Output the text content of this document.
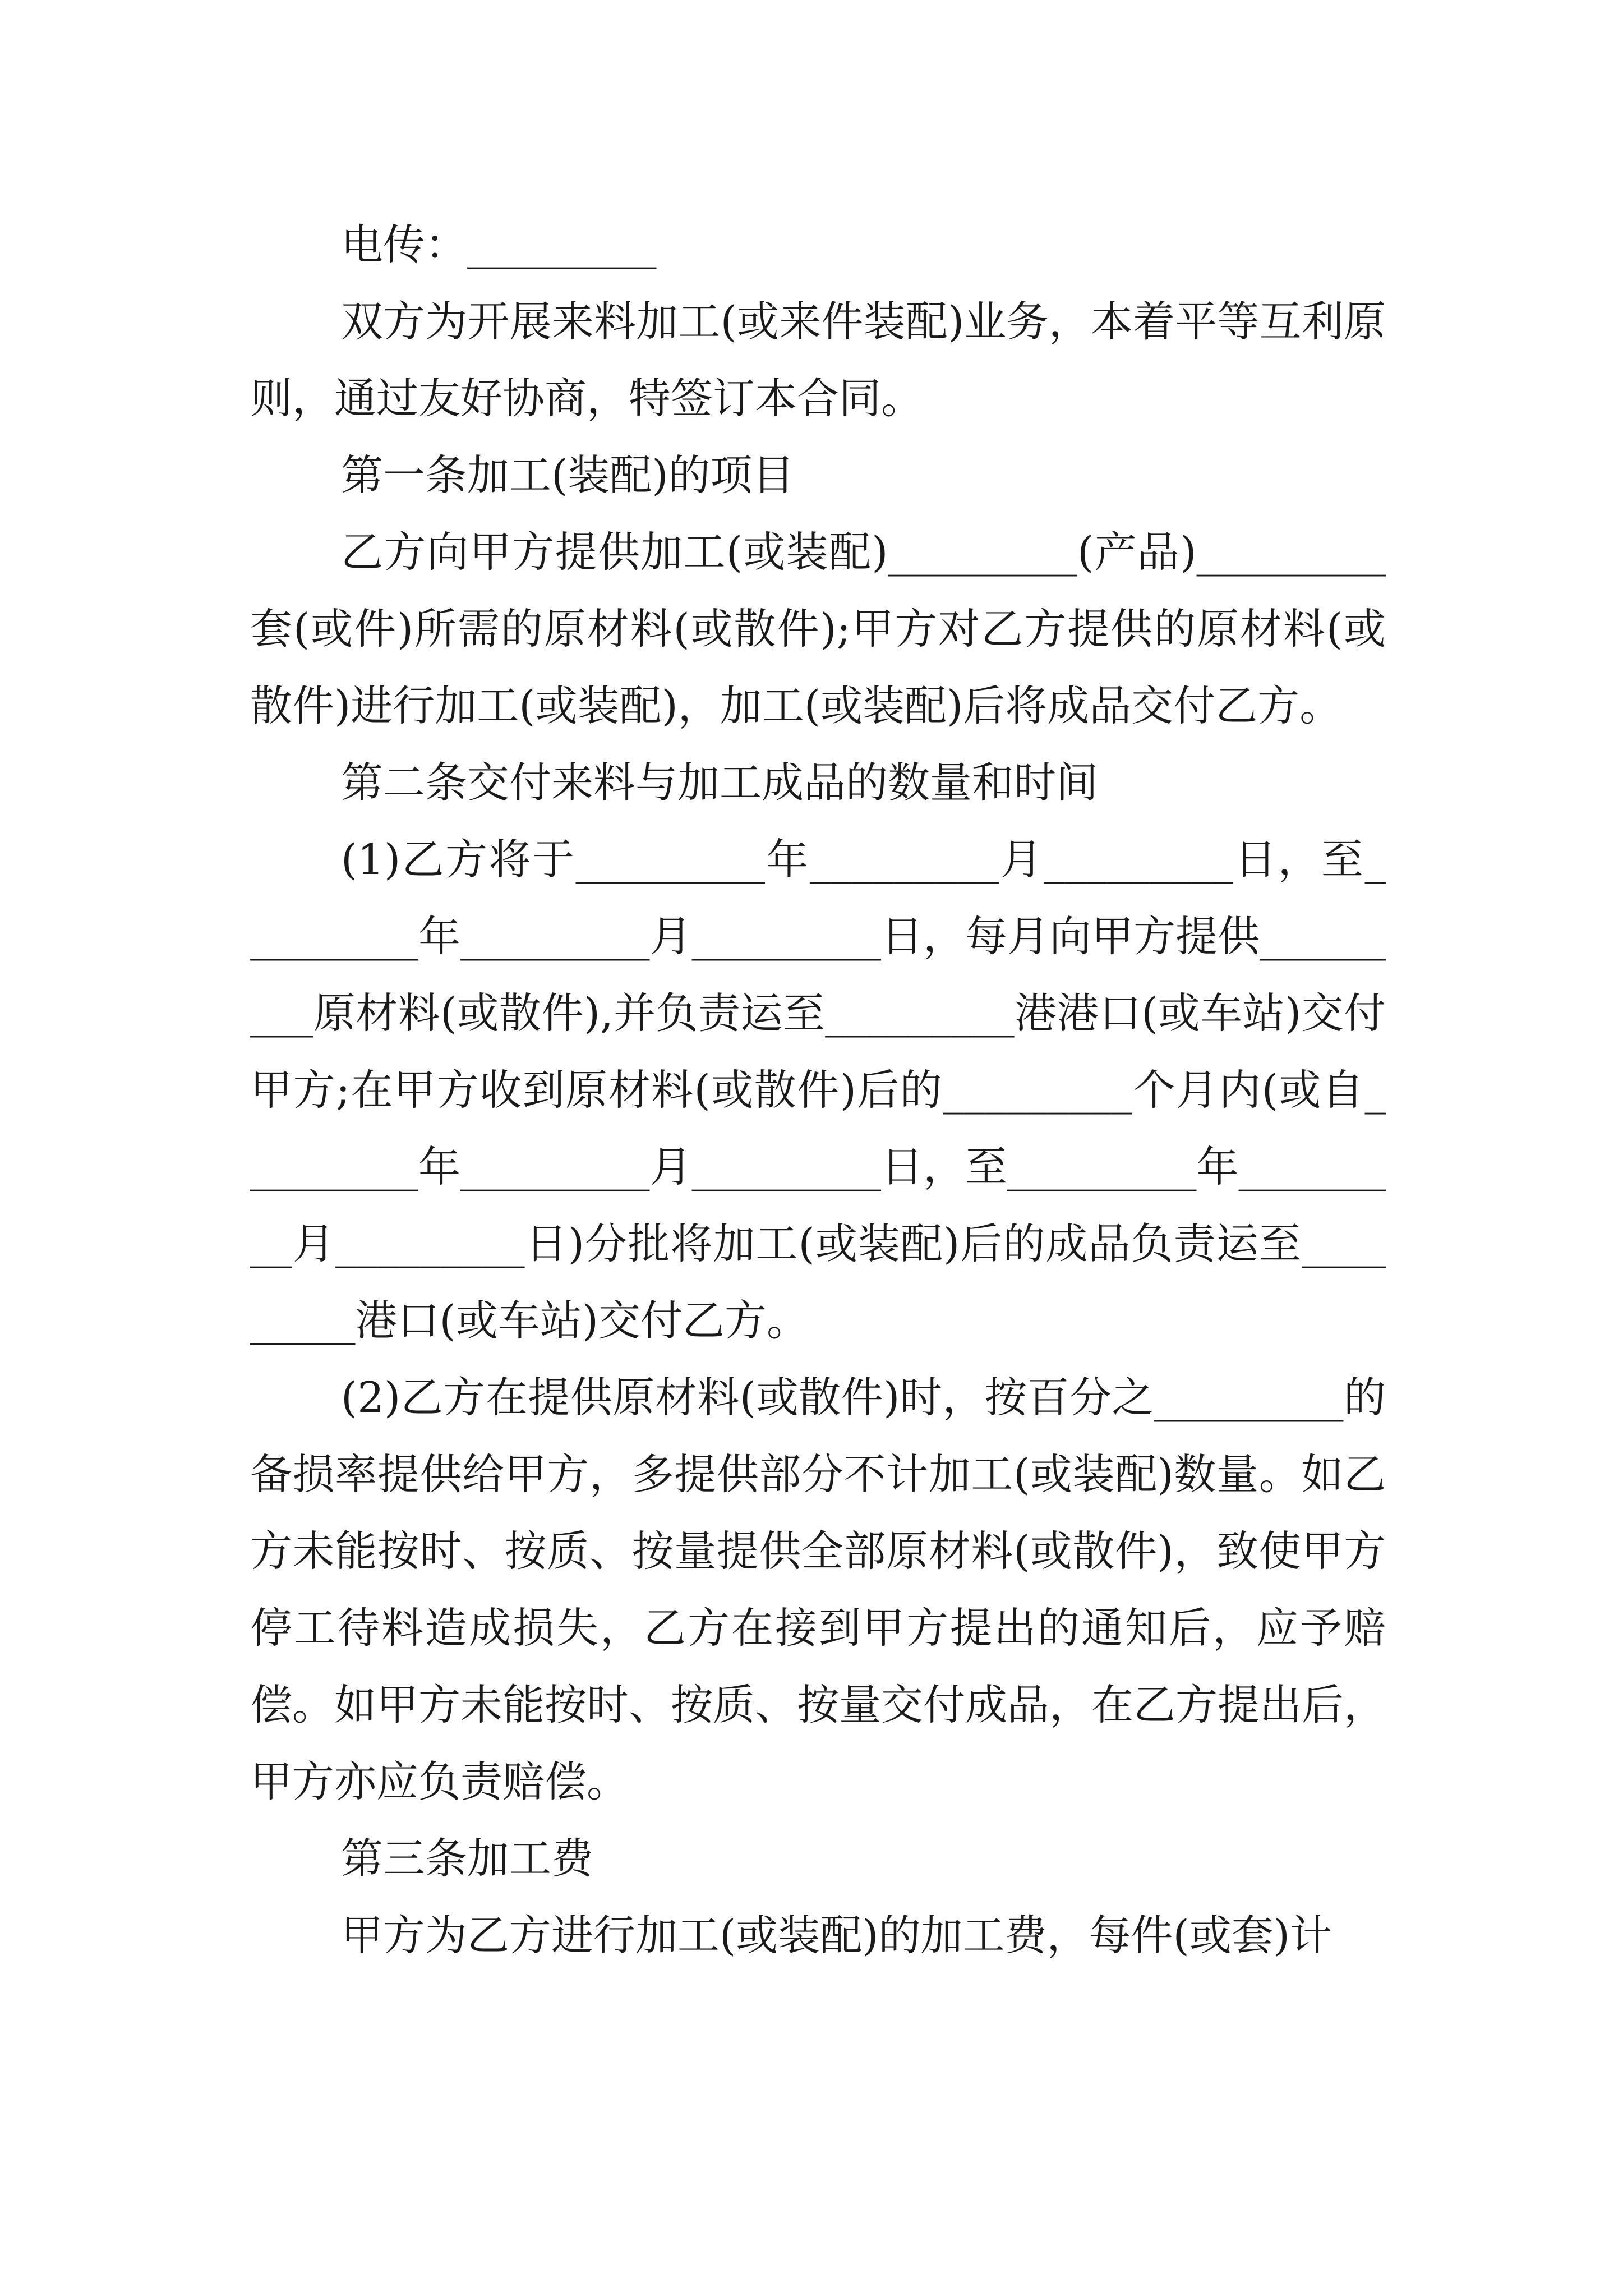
电传：_________

双方为开展来料加工(或来件装配)业务，本着平等互利原则，通过友好协商，特签订本合同。

第一条加工(装配)的项目

乙方向甲方提供加工(或装配)_________(产品)_________套(或件)所需的原材料(或散件);甲方对乙方提供的原材料(或散件)进行加工(或装配)，加工(或装配)后将成品交付乙方。

第二条交付来料与加工成品的数量和时间

(1)乙方将于_________年_________月_________日，至_________年_________月_________日，每月向甲方提供_________原材料(或散件),并负责运至_________港港口(或车站)交付甲方;在甲方收到原材料(或散件)后的_________个月内(或自_________年_________月_________日，至_________年_________月_________日)分批将加工(或装配)后的成品负责运至_________港口(或车站)交付乙方。

(2)乙方在提供原材料(或散件)时，按百分之_________的备损率提供给甲方，多提供部分不计加工(或装配)数量。如乙方未能按时、按质、按量提供全部原材料(或散件)，致使甲方停工待料造成损失，乙方在接到甲方提出的通知后，应予赔偿。如甲方未能按时、按质、按量交付成品，在乙方提出后，甲方亦应负责赔偿。

第三条加工费

甲方为乙方进行加工(或装配)的加工费，每件(或套)计
